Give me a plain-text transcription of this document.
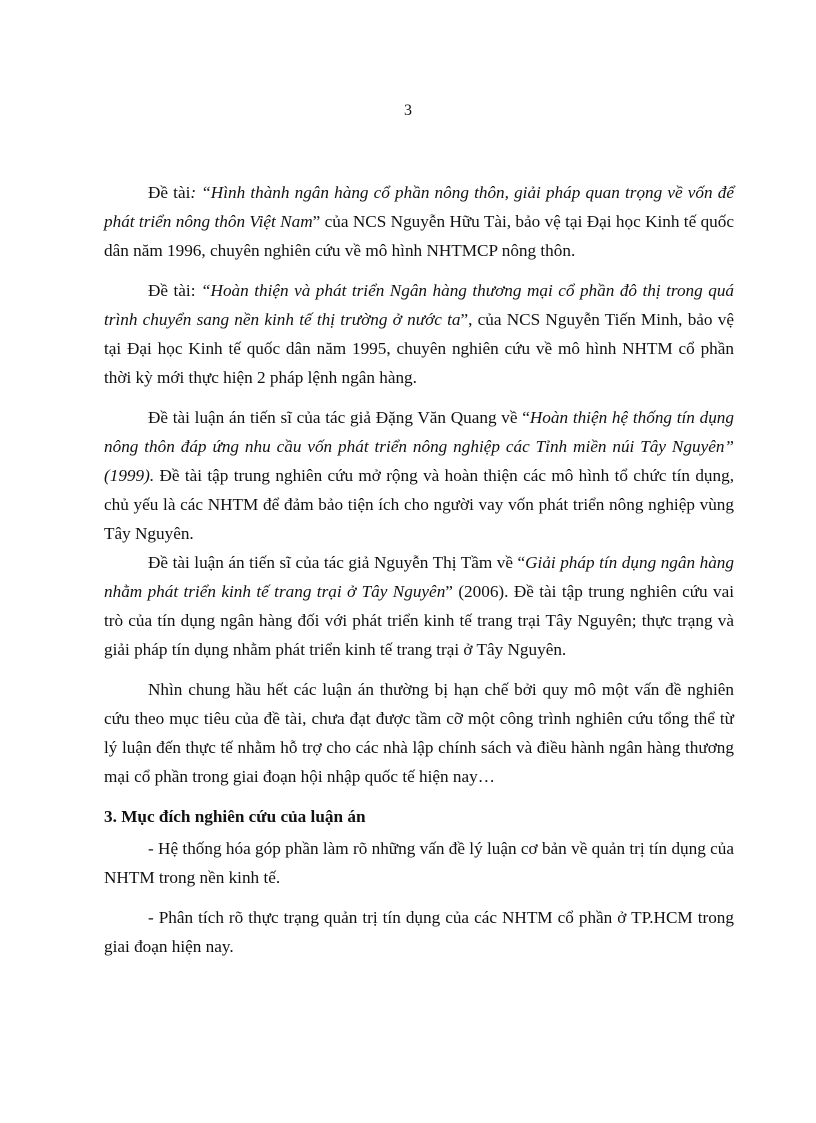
3

Đề tài: “Hình thành ngân hàng cổ phần nông thôn, giải pháp quan trọng về vốn để phát triển nông thôn Việt Nam” của NCS Nguyễn Hữu Tài, bảo vệ tại Đại học Kinh tế quốc dân năm 1996, chuyên nghiên cứu về mô hình NHTMCP nông thôn.

Đề tài: “Hoàn thiện và phát triển Ngân hàng thương mại cổ phần đô thị trong quá trình chuyển sang nền kinh tế thị trường ở nước ta”, của NCS Nguyễn Tiến Minh, bảo vệ tại Đại học Kinh tế quốc dân năm 1995, chuyên nghiên cứu về mô hình NHTM cổ phần thời kỳ mới thực hiện 2 pháp lệnh ngân hàng.

Đề tài luận án tiến sĩ của tác giả Đặng Văn Quang về “Hoàn thiện hệ thống tín dụng nông thôn đáp ứng nhu cầu vốn phát triển nông nghiệp các Tỉnh miền núi Tây Nguyên” (1999). Đề tài tập trung nghiên cứu mở rộng và hoàn thiện các mô hình tổ chức tín dụng, chủ yếu là các NHTM để đảm bảo tiện ích cho người vay vốn phát triển nông nghiệp vùng Tây Nguyên.

Đề tài luận án tiến sĩ của tác giả Nguyễn Thị Tầm về “Giải pháp tín dụng ngân hàng nhằm phát triển kinh tế trang trại ở Tây Nguyên” (2006). Đề tài tập trung nghiên cứu vai trò của tín dụng ngân hàng đối với phát triển kinh tế trang trại Tây Nguyên; thực trạng và giải pháp tín dụng nhằm phát triển kinh tế trang trại ở Tây Nguyên.

Nhìn chung hầu hết các luận án thường bị hạn chế bởi quy mô một vấn đề nghiên cứu theo mục tiêu của đề tài, chưa đạt được tầm cỡ một công trình nghiên cứu tổng thể từ lý luận đến thực tế nhằm hỗ trợ cho các nhà lập chính sách và điều hành ngân hàng thương mại cổ phần trong giai đoạn hội nhập quốc tế hiện nay…

3. Mục đích nghiên cứu của luận án

- Hệ thống hóa góp phần làm rõ những vấn đề lý luận cơ bản về quản trị tín dụng của NHTM trong nền kinh tế.

- Phân tích rõ thực trạng quản trị tín dụng của các NHTM cổ phần ở TP.HCM trong giai đoạn hiện nay.
